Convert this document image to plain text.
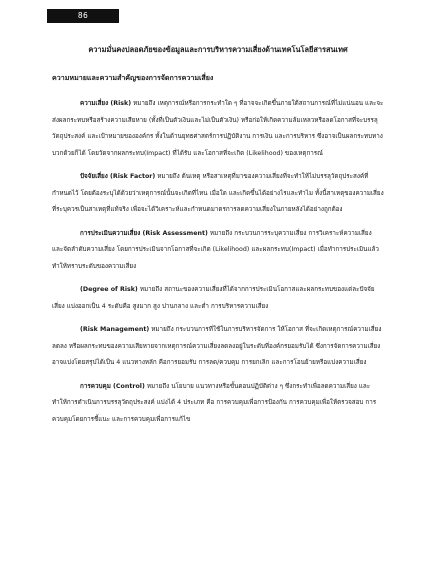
86
ความมั่นคงปลอดภัยของข้อมูลและการบริหารความเสี่ยงด้านเทคโนโลยีสารสนเทศ
ความหมายและความสำคัญของการจัดการความเสี่ยง

ความเสี่ยง (Risk) หมายถึง เหตุการณ์หรือการกระทำใด ๆ ที่อาจจะเกิดขึ้นภายใต้สถานการณ์ที่ไม่แน่นอน และจะส่งผลกระทบหรือสร้างความเสียหาย (ทั้งที่เป็นตัวเงินและไม่เป็นตัวเงิน) หรือก่อให้เกิดความล้มเหลวหรือลดโอกาสที่จะบรรลุวัตถุประสงค์ และเป้าหมายขององค์กร ทั้งในด้านยุทธศาสตร์การปฏิบัติงาน การเงิน และการบริหาร ซึ่งอาจเป็นผลกระทบทางบวกด้วยก็ได้ โดยวัดจากผลกระทบ(Impact) ที่ได้รับ และโอกาสที่จะเกิด (Likelihood) ของเหตุการณ์

ปัจจัยเสี่ยง (Risk Factor) หมายถึง ต้นเหตุ หรือสาเหตุที่มาของความเสี่ยงที่จะทำให้ไม่บรรลุวัตถุประสงค์ที่กำหนดไว้ โดยต้องระบุได้ด้วยว่าเหตุการณ์นั้นจะเกิดที่ไหน เมื่อใด และเกิดขึ้นได้อย่างไรและทำไม ทั้งนี้สาเหตุของความเสี่ยงที่ระบุควรเป็นสาเหตุที่แท้จริง เพื่อจะได้วิเคราะห์และกำหนดมาตรการลดความเสี่ยงในภายหลังได้อย่างถูกต้อง

การประเมินความเสี่ยง (Risk Assessment) หมายถึง กระบวนการระบุความเสี่ยง การวิเคราะห์ความเสี่ยง และจัดลำดับความเสี่ยง โดยการประเมินจากโอกาสที่จะเกิด (Likelihood) และผลกระทบ(Impact) เมื่อทำการประเมินแล้ว ทำให้ทราบระดับของความเสี่ยง

(Degree of Risk) หมายถึง สถานะของความเสี่ยงที่ได้จากการประเมินโอกาสและผลกระทบของแต่ละปัจจัยเสี่ยง แบ่งออกเป็น 4 ระดับคือ สูงมาก สูง ปานกลาง และต่ำ การบริหารความเสี่ยง

(Risk Management) หมายถึง กระบวนการที่ใช้ในการบริหารจัดการ ให้โอกาส ที่จะเกิดเหตุการณ์ความเสี่ยงลดลง หรือผลกระทบของความเสียหายจากเหตุการณ์ความเสี่ยงลดลงอยู่ในระดับที่องค์กรยอมรับได้ ซึ่งการจัดการความเสี่ยง อาจแบ่งโดยสรุปได้เป็น 4 แนวทางหลัก คือการยอมรับ การลด/ควบคุม การยกเลิก และการโอนย้ายหรือแบ่งความเสี่ยง

การควบคุม (Control) หมายถึง นโยบาย แนวทางหรือขั้นตอนปฏิบัติต่าง ๆ ซึ่งกระทำเพื่อลดความเสี่ยง และทำให้การดำเนินการบรรลุวัตถุประสงค์ แบ่งได้ 4 ประเภท คือ การควบคุมเพื่อการป้องกัน การควบคุมเพื่อให้ตรวจสอบ การควบคุมโดยการชี้แนะ และการควบคุมเพื่อการแก้ไข
